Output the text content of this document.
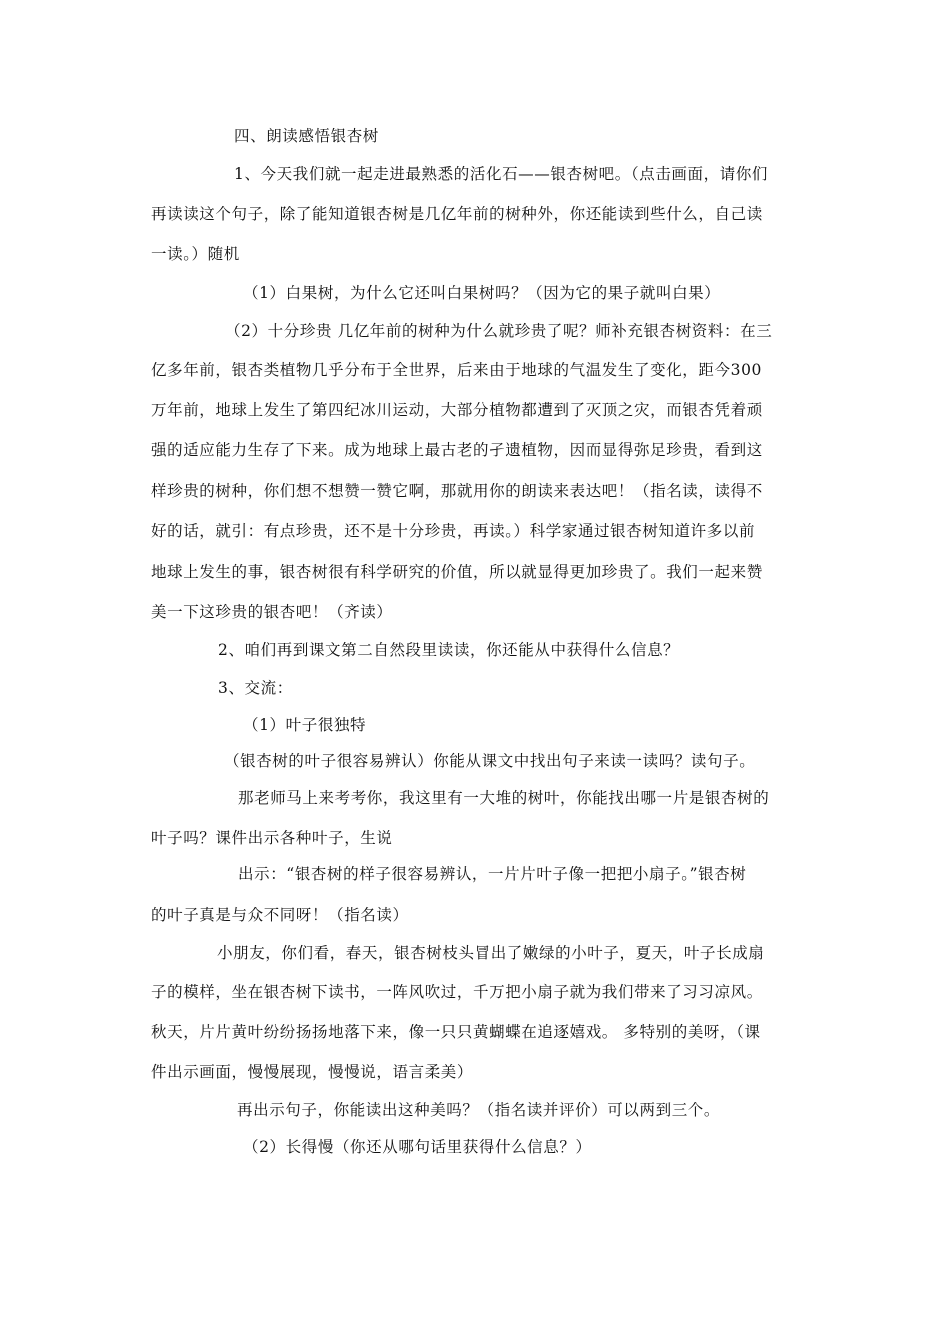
四、朗读感悟银杏树
1、今天我们就一起走进最熟悉的活化石——银杏树吧。（点击画面，请你们
再读读这个句子，除了能知道银杏树是几亿年前的树种外，你还能读到些什么，自己读
一读。）随机
（1）白果树，为什么它还叫白果树吗？（因为它的果子就叫白果）
（2）十分珍贵 几亿年前的树种为什么就珍贵了呢？师补充银杏树资料：在三
亿多年前，银杏类植物几乎分布于全世界，后来由于地球的气温发生了变化，距今300
万年前，地球上发生了第四纪冰川运动，大部分植物都遭到了灭顶之灾，而银杏凭着顽
强的适应能力生存了下来。成为地球上最古老的孑遗植物，因而显得弥足珍贵，看到这
样珍贵的树种，你们想不想赞一赞它啊，那就用你的朗读来表达吧！（指名读，读得不
好的话，就引：有点珍贵，还不是十分珍贵，再读。）科学家通过银杏树知道许多以前
地球上发生的事，银杏树很有科学研究的价值，所以就显得更加珍贵了。我们一起来赞
美一下这珍贵的银杏吧！（齐读）
2、咱们再到课文第二自然段里读读，你还能从中获得什么信息？
3、交流：
（1）叶子很独特
（银杏树的叶子很容易辨认）你能从课文中找出句子来读一读吗？读句子。
那老师马上来考考你，我这里有一大堆的树叶，你能找出哪一片是银杏树的
叶子吗？课件出示各种叶子，生说
出示：“银杏树的样子很容易辨认，一片片叶子像一把把小扇子。”银杏树
的叶子真是与众不同呀！（指名读）
小朋友，你们看，春天，银杏树枝头冒出了嫩绿的小叶子，夏天，叶子长成扇
子的模样，坐在银杏树下读书，一阵风吹过，千万把小扇子就为我们带来了习习凉风。
秋天，片片黄叶纷纷扬扬地落下来，像一只只黄蝴蝶在追逐嬉戏。 多特别的美呀，（课
件出示画面，慢慢展现，慢慢说，语言柔美）
再出示句子，你能读出这种美吗？（指名读并评价）可以两到三个。
（2）长得慢（你还从哪句话里获得什么信息？）
